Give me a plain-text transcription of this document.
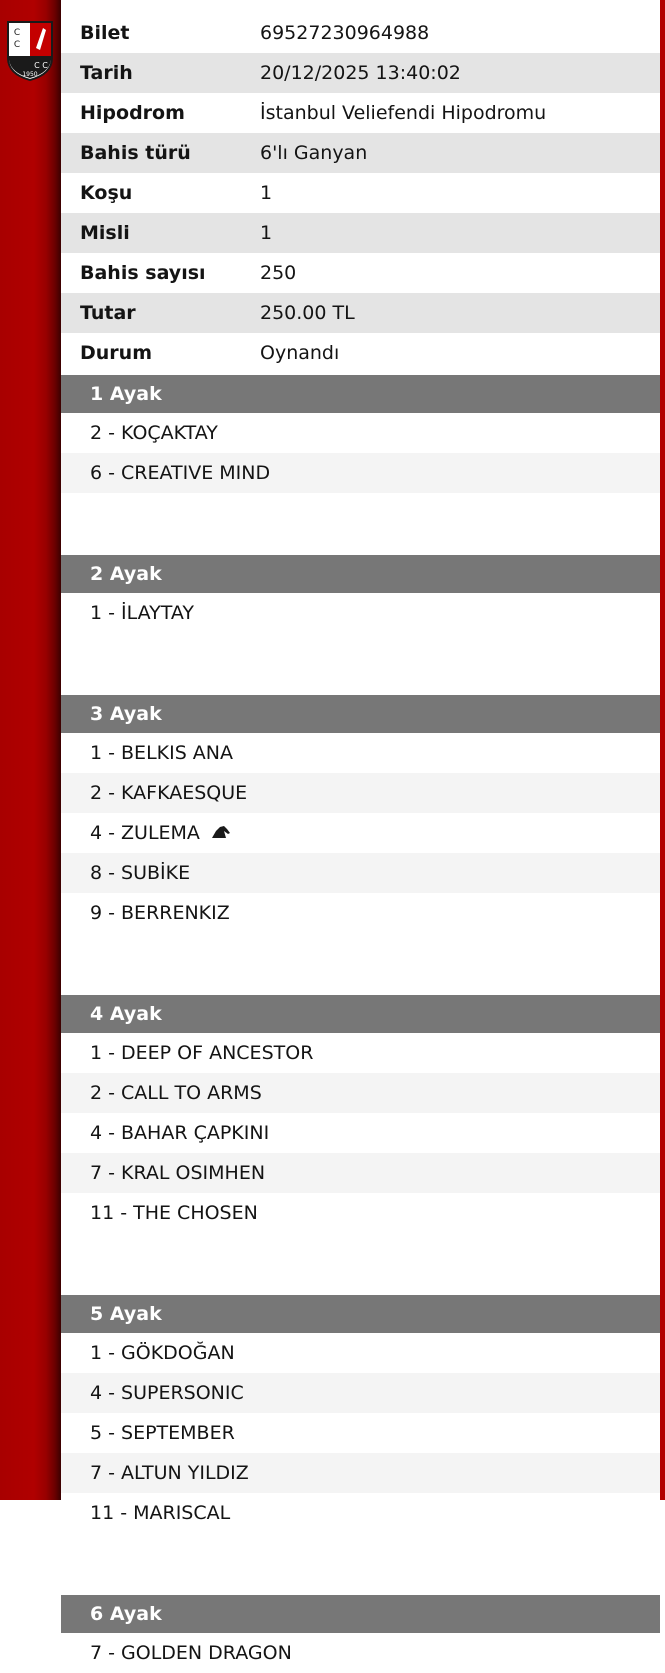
C
C
C C
1950
Bilet	69527230964988
Tarih	20/12/2025 13:40:02
Hipodrom	İstanbul Veliefendi Hipodromu
Bahis türü	6'lı Ganyan
Koşu	1
Misli	1
Bahis sayısı	250
Tutar	250.00 TL
Durum	Oynandı
1 Ayak
2 - KOÇAKTAY
6 - CREATIVE MIND
2 Ayak
1 - İLAYTAY
3 Ayak
1 - BELKIS ANA
2 - KAFKAESQUE
4 - ZULEMA
8 - SUBİKE
9 - BERRENKIZ
4 Ayak
1 - DEEP OF ANCESTOR
2 - CALL TO ARMS
4 - BAHAR ÇAPKINI
7 - KRAL OSIMHEN
11 - THE CHOSEN
5 Ayak
1 - GÖKDOĞAN
4 - SUPERSONIC
5 - SEPTEMBER
7 - ALTUN YILDIZ
11 - MARISCAL
6 Ayak
7 - GOLDEN DRAGON
